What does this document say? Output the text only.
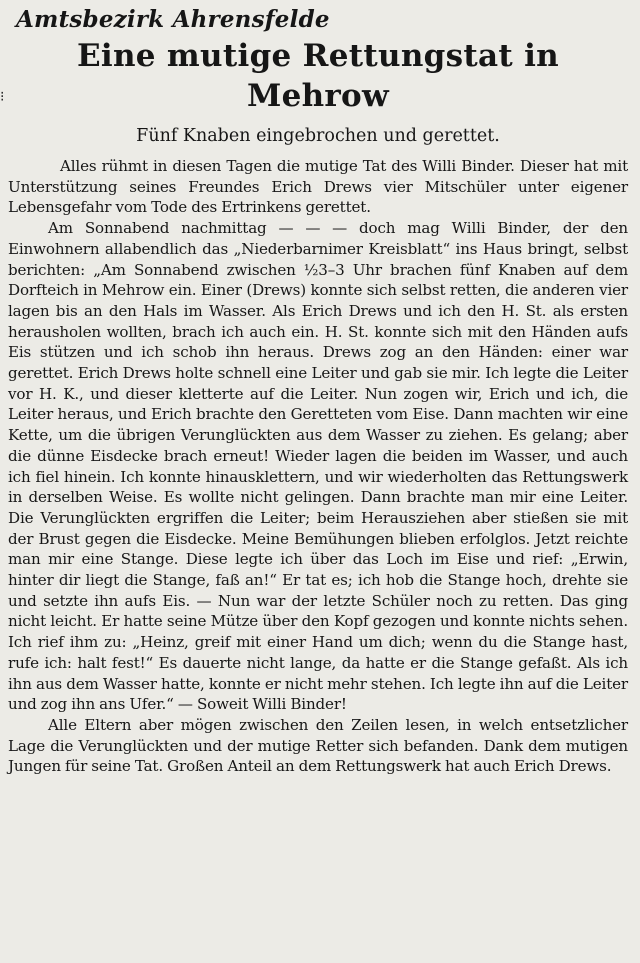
⁝
Amtsbezirk Ahrensfelde
Eine mutige Rettungstat in Mehrow
Fünf Knaben eingebrochen und gerettet.

Alles rühmt in diesen Tagen die mutige Tat des Willi Binder. Dieser hat mit Unterstützung seines Freundes Erich Drews vier Mitschüler unter eigener Lebensgefahr vom Tode des Ertrinkens gerettet.

Am Sonnabend nachmittag — — — doch mag Willi Binder, der den Einwohnern allabendlich das „Niederbarnimer Kreisblatt“ ins Haus bringt, selbst berichten: „Am Sonnabend zwischen ½3–3 Uhr brachen fünf Knaben auf dem Dorfteich in Mehrow ein. Einer (Drews) konnte sich selbst retten, die anderen vier lagen bis an den Hals im Wasser. Als Erich Drews und ich den H. St. als ersten herausholen wollten, brach ich auch ein. H. St. konnte sich mit den Händen aufs Eis stützen und ich schob ihn heraus. Drews zog an den Händen: einer war gerettet. Erich Drews holte schnell eine Leiter und gab sie mir. Ich legte die Leiter vor H. K., und dieser kletterte auf die Leiter. Nun zogen wir, Erich und ich, die Leiter heraus, und Erich brachte den Geretteten vom Eise. Dann machten wir eine Kette, um die übrigen Verunglückten aus dem Wasser zu ziehen. Es gelang; aber die dünne Eisdecke brach erneut! Wieder lagen die beiden im Wasser, und auch ich fiel hinein. Ich konnte hinausklettern, und wir wiederholten das Rettungswerk in derselben Weise. Es wollte nicht gelingen. Dann brachte man mir eine Leiter. Die Verunglückten ergriffen die Leiter; beim Herausziehen aber stießen sie mit der Brust gegen die Eisdecke. Meine Bemühungen blieben erfolglos. Jetzt reichte man mir eine Stange. Diese legte ich über das Loch im Eise und rief: „Erwin, hinter dir liegt die Stange, faß an!“ Er tat es; ich hob die Stange hoch, drehte sie und setzte ihn aufs Eis. — Nun war der letzte Schüler noch zu retten. Das ging nicht leicht. Er hatte seine Mütze über den Kopf gezogen und konnte nichts sehen. Ich rief ihm zu: „Heinz, greif mit einer Hand um dich; wenn du die Stange hast, rufe ich: halt fest!“ Es dauerte nicht lange, da hatte er die Stange gefaßt. Als ich ihn aus dem Wasser hatte, konnte er nicht mehr stehen. Ich legte ihn auf die Leiter und zog ihn ans Ufer.“ — Soweit Willi Binder!

Alle Eltern aber mögen zwischen den Zeilen lesen, in welch entsetzlicher Lage die Verunglückten und der mutige Retter sich befanden. Dank dem mutigen Jungen für seine Tat. Großen Anteil an dem Rettungswerk hat auch Erich Drews.
